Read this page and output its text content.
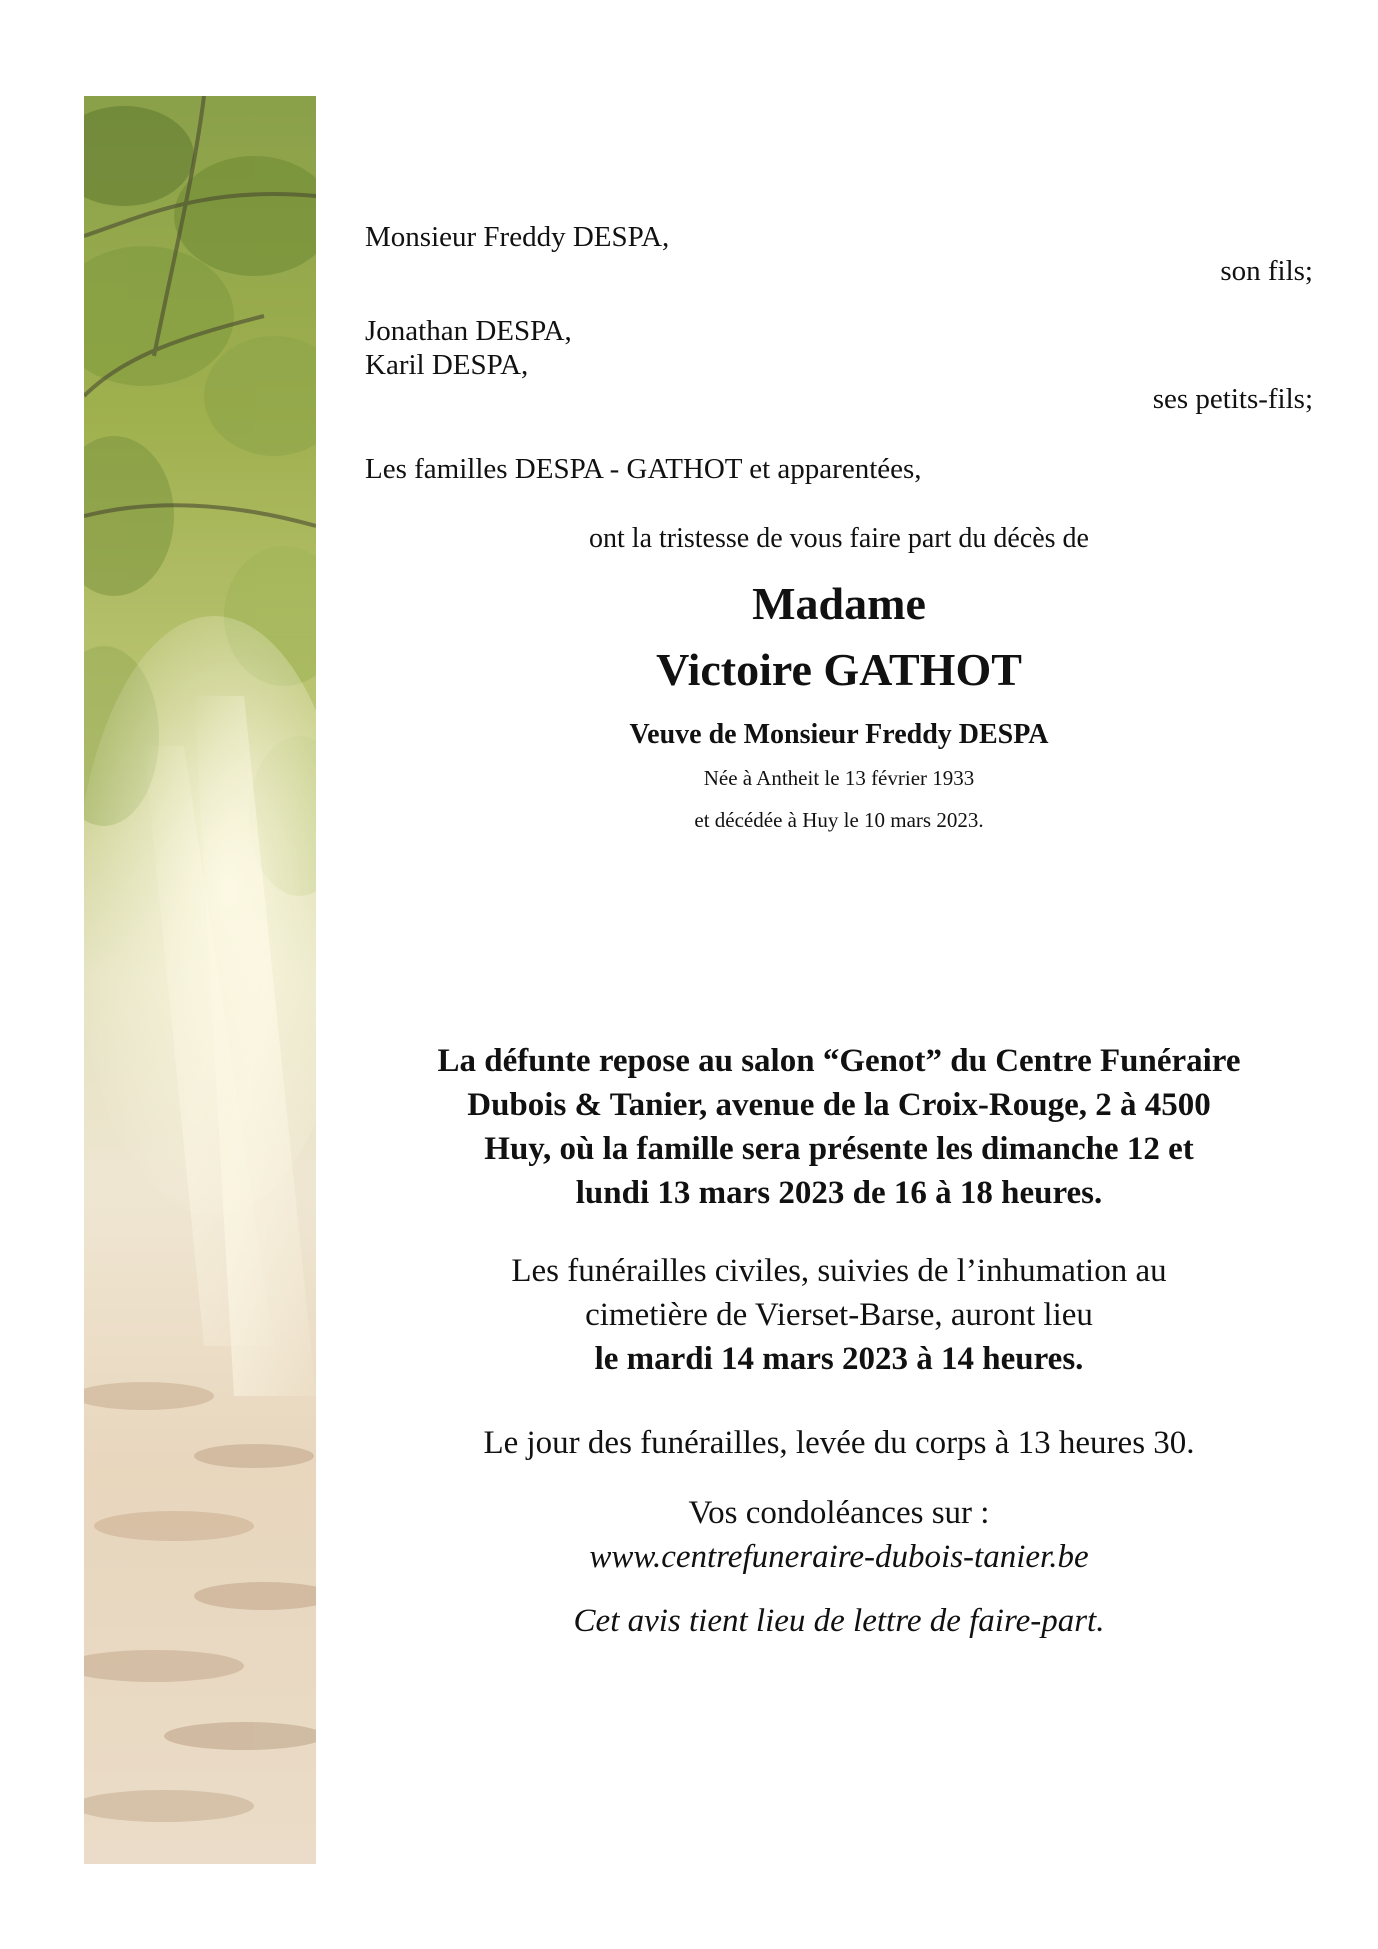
Monsieur Freddy DESPA,

son fils;

Jonathan DESPA,

Karil DESPA,

ses petits-fils;

Les familles DESPA - GATHOT et apparentées,

ont la tristesse de vous faire part du décès de
Madame
Victoire GATHOT
Veuve de Monsieur Freddy DESPA
Née à Antheit le 13 février 1933
et décédée à Huy le 10 mars 2023.
La défunte repose au salon “Genot” du Centre Funéraire
Dubois & Tanier, avenue de la Croix-Rouge, 2 à 4500
Huy, où la famille sera présente les dimanche 12 et
lundi 13 mars 2023 de 16 à 18 heures.
Les funérailles civiles, suivies de l’inhumation au
cimetière de Vierset-Barse, auront lieu
le mardi 14 mars 2023 à 14 heures.
Le jour des funérailles, levée du corps à 13 heures 30.
Vos condoléances sur :
www.centrefuneraire-dubois-tanier.be
Cet avis tient lieu de lettre de faire-part.
